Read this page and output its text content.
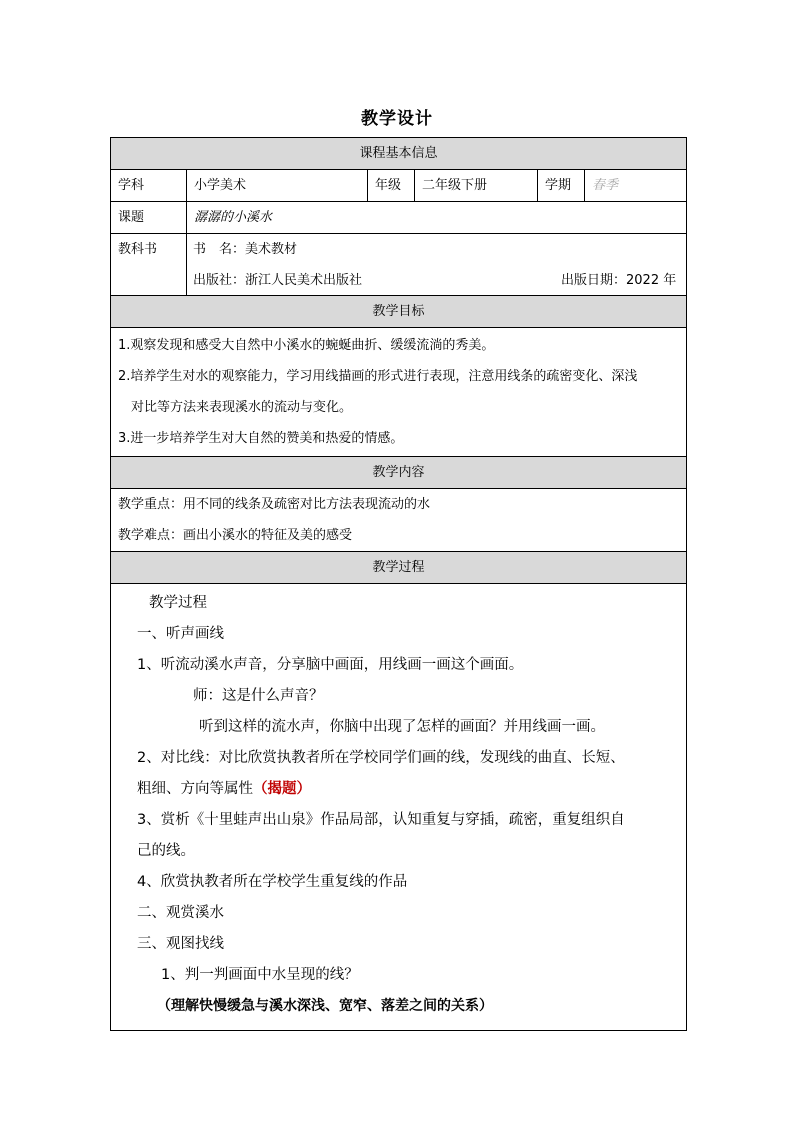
教学设计
课程基本信息
学科	小学美术	年级	二年级下册	学期	春季
课题	潺潺的小溪水
教科书	书　名：美术教材
出版社：浙江人民美术出版社	出版日期：2022 年
教学目标
1.观察发现和感受大自然中小溪水的蜿蜒曲折、缓缓流淌的秀美。
2.培养学生对水的观察能力，学习用线描画的形式进行表现，注意用线条的疏密变化、深浅
对比等方法来表现溪水的流动与变化。
3.进一步培养学生对大自然的赞美和热爱的情感。
教学内容
教学重点：用不同的线条及疏密对比方法表现流动的水
教学难点：画出小溪水的特征及美的感受
教学过程
教学过程
一、听声画线
1、听流动溪水声音，分享脑中画面，用线画一画这个画面。
师：这是什么声音？
听到这样的流水声，你脑中出现了怎样的画面？并用线画一画。
2、对比线：对比欣赏执教者所在学校同学们画的线，发现线的曲直、长短、
粗细、方向等属性（揭题）
3、赏析《十里蛙声出山泉》作品局部，认知重复与穿插，疏密，重复组织自
己的线。
4、欣赏执教者所在学校学生重复线的作品
二、观赏溪水
三、观图找线
1、判一判画面中水呈现的线？
（理解快慢缓急与溪水深浅、宽窄、落差之间的关系）
